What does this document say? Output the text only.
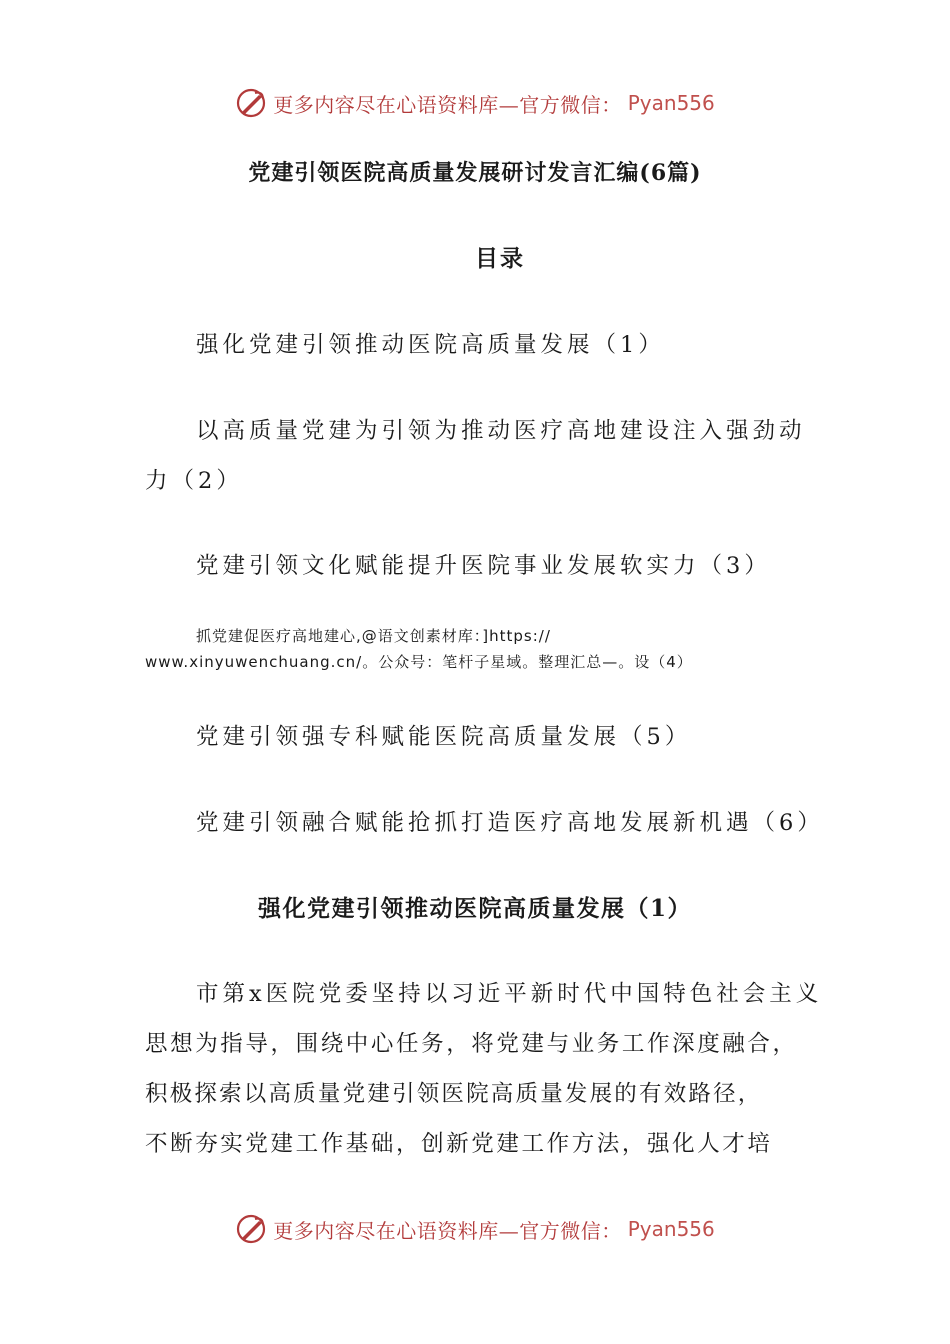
更多内容尽在心语资料库—官方微信： Pyan556
党建引领医院高质量发展研讨发言汇编(6篇)
目录
强化党建引领推动医院高质量发展（1）
以高质量党建为引领为推动医疗高地建设注入强劲动
力（2）
党建引领文化赋能提升医院事业发展软实力（3）
抓党建促医疗高地建心,@语文创素材库：]https://
www.xinyuwenchuang.cn/。公众号：笔杆子星域。整理汇总—。设（4）
党建引领强专科赋能医院高质量发展（5）
党建引领融合赋能抢抓打造医疗高地发展新机遇（6）
强化党建引领推动医院高质量发展（1）
市第x医院党委坚持以习近平新时代中国特色社会主义
思想为指导，围绕中心任务，将党建与业务工作深度融合，
积极探索以高质量党建引领医院高质量发展的有效路径，
不断夯实党建工作基础，创新党建工作方法，强化人才培
更多内容尽在心语资料库—官方微信： Pyan556
